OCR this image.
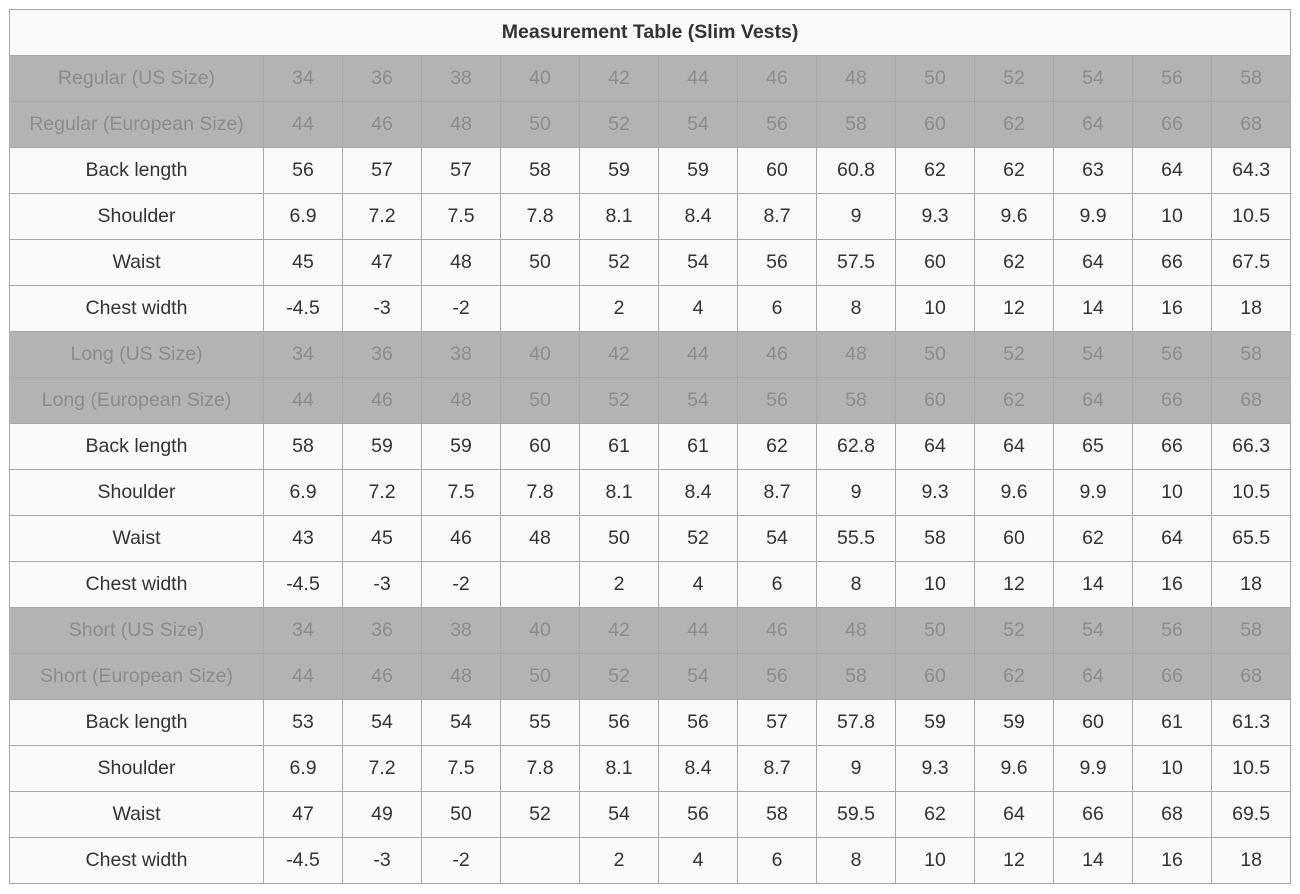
Measurement Table (Slim Vests)													
Regular (US Size)	34	36	38	40	42	44	46	48	50	52	54	56	58
Regular (European Size)	44	46	48	50	52	54	56	58	60	62	64	66	68
Back length	56	57	57	58	59	59	60	60.8	62	62	63	64	64.3
Shoulder	6.9	7.2	7.5	7.8	8.1	8.4	8.7	9	9.3	9.6	9.9	10	10.5
Waist	45	47	48	50	52	54	56	57.5	60	62	64	66	67.5
Chest width	-4.5	-3	-2		2	4	6	8	10	12	14	16	18
Long (US Size)	34	36	38	40	42	44	46	48	50	52	54	56	58
Long (European Size)	44	46	48	50	52	54	56	58	60	62	64	66	68
Back length	58	59	59	60	61	61	62	62.8	64	64	65	66	66.3
Shoulder	6.9	7.2	7.5	7.8	8.1	8.4	8.7	9	9.3	9.6	9.9	10	10.5
Waist	43	45	46	48	50	52	54	55.5	58	60	62	64	65.5
Chest width	-4.5	-3	-2		2	4	6	8	10	12	14	16	18
Short (US Size)	34	36	38	40	42	44	46	48	50	52	54	56	58
Short (European Size)	44	46	48	50	52	54	56	58	60	62	64	66	68
Back length	53	54	54	55	56	56	57	57.8	59	59	60	61	61.3
Shoulder	6.9	7.2	7.5	7.8	8.1	8.4	8.7	9	9.3	9.6	9.9	10	10.5
Waist	47	49	50	52	54	56	58	59.5	62	64	66	68	69.5
Chest width	-4.5	-3	-2		2	4	6	8	10	12	14	16	18
